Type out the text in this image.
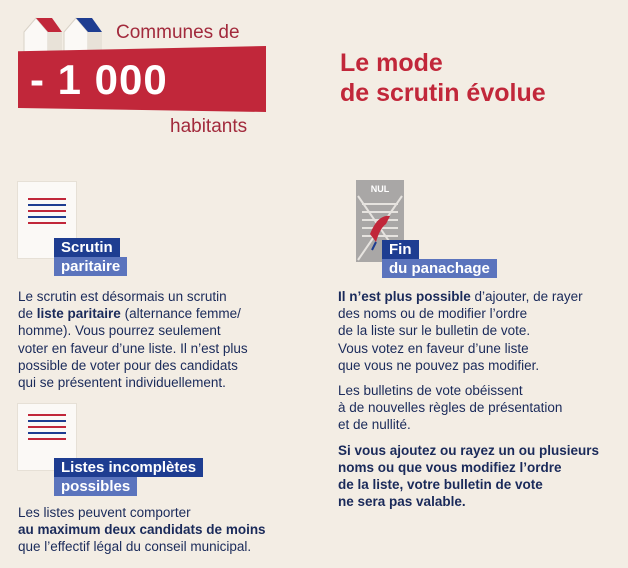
Communes de
- 1 000
habitants
Le mode
de scrutin évolue
Scrutin
paritaire
Le scrutin est désormais un scrutin
de liste paritaire (alternance femme/
homme). Vous pourrez seulement
voter en faveur d’une liste. Il n’est plus
possible de voter pour des candidats
qui se présentent individuellement.
Listes incomplètes
possibles
Les listes peuvent comporter
au maximum deux candidats de moins
que l’effectif légal du conseil municipal.
NUL
Fin
du panachage
Il n’est plus possible d’ajouter, de rayer
des noms ou de modifier l’ordre
de la liste sur le bulletin de vote.
Vous votez en faveur d’une liste
que vous ne pouvez pas modifier.
Les bulletins de vote obéissent
à de nouvelles règles de présentation
et de nullité.
Si vous ajoutez ou rayez un ou plusieurs
noms ou que vous modifiez l’ordre
de la liste, votre bulletin de vote
ne sera pas valable.
